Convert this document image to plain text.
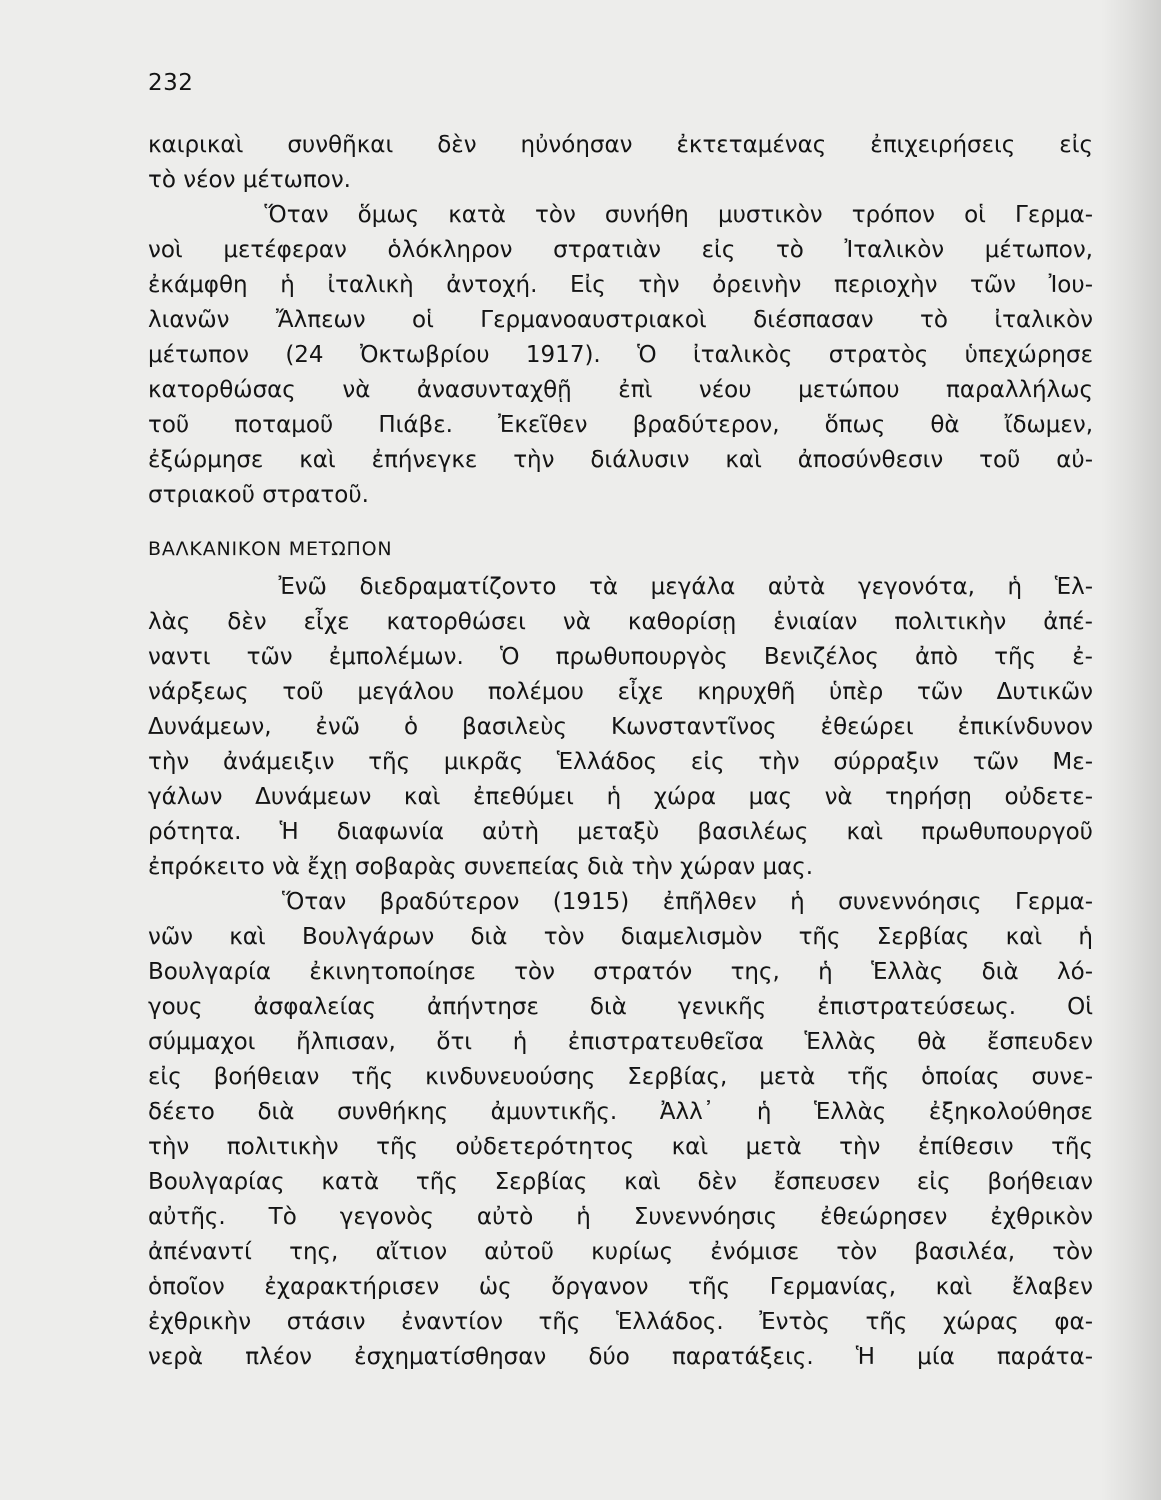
232
καιρικαὶ συνθῆκαι δὲν ηὐνόησαν ἐκτεταμένας ἐπιχειρήσεις εἰς
τὸ νέον μέτωπον.
Ὅταν ὅμως κατὰ τὸν συνήθη μυστικὸν τρόπον οἱ Γερμα-
νοὶ μετέφεραν ὁλόκληρον στρατιὰν εἰς τὸ Ἰταλικὸν μέτωπον,
ἐκάμφθη ἡ ἰταλικὴ ἀντοχή. Εἰς τὴν ὀρεινὴν περιοχὴν τῶν Ἰου-
λιανῶν Ἄλπεων οἱ Γερμανοαυστριακοὶ διέσπασαν τὸ ἰταλικὸν
μέτωπον (24 Ὀκτωβρίου 1917). Ὁ ἰταλικὸς στρατὸς ὑπεχώρησε
κατορθώσας νὰ ἀνασυνταχθῇ ἐπὶ νέου μετώπου παραλλήλως
τοῦ ποταμοῦ Πιάβε. Ἐκεῖθεν βραδύτερον, ὅπως θὰ ἴδωμεν,
ἐξώρμησε καὶ ἐπήνεγκε τὴν διάλυσιν καὶ ἀποσύνθεσιν τοῦ αὐ-
στριακοῦ στρατοῦ.
ΒΑΛΚΑΝΙΚΟΝ ΜΕΤΩΠΟΝ
Ἐνῶ διεδραματίζοντο τὰ μεγάλα αὐτὰ γεγονότα, ἡ Ἑλ-
λὰς δὲν εἶχε κατορθώσει νὰ καθορίσῃ ἑνιαίαν πολιτικὴν ἀπέ-
ναντι τῶν ἐμπολέμων. Ὁ πρωθυπουργὸς Βενιζέλος ἀπὸ τῆς ἐ-
νάρξεως τοῦ μεγάλου πολέμου εἶχε κηρυχθῆ ὑπὲρ τῶν Δυτικῶν
Δυνάμεων, ἐνῶ ὁ βασιλεὺς Κωνσταντῖνος ἐθεώρει ἐπικίνδυνον
τὴν ἀνάμειξιν τῆς μικρᾶς Ἑλλάδος εἰς τὴν σύρραξιν τῶν Με-
γάλων Δυνάμεων καὶ ἐπεθύμει ἡ χώρα μας νὰ τηρήσῃ οὐδετε-
ρότητα. Ἡ διαφωνία αὐτὴ μεταξὺ βασιλέως καὶ πρωθυπουργοῦ
ἐπρόκειτο νὰ ἔχῃ σοβαρὰς συνεπείας διὰ τὴν χώραν μας.
Ὅταν βραδύτερον (1915) ἐπῆλθεν ἡ συνεννόησις Γερμα-
νῶν καὶ Βουλγάρων διὰ τὸν διαμελισμὸν τῆς Σερβίας καὶ ἡ
Βουλγαρία ἐκινητοποίησε τὸν στρατόν της, ἡ Ἑλλὰς διὰ λό-
γους ἀσφαλείας ἀπήντησε διὰ γενικῆς ἐπιστρατεύσεως. Οἱ
σύμμαχοι ἤλπισαν, ὅτι ἡ ἐπιστρατευθεῖσα Ἑλλὰς θὰ ἔσπευδεν
εἰς βοήθειαν τῆς κινδυνευούσης Σερβίας, μετὰ τῆς ὁποίας συνε-
δέετο διὰ συνθήκης ἀμυντικῆς. Ἀλλ᾽ ἡ Ἑλλὰς ἐξηκολούθησε
τὴν πολιτικὴν τῆς οὐδετερότητος καὶ μετὰ τὴν ἐπίθεσιν τῆς
Βουλγαρίας κατὰ τῆς Σερβίας καὶ δὲν ἔσπευσεν εἰς βοήθειαν
αὐτῆς. Τὸ γεγονὸς αὐτὸ ἡ Συνεννόησις ἐθεώρησεν ἐχθρικὸν
ἀπέναντί της, αἴτιον αὐτοῦ κυρίως ἐνόμισε τὸν βασιλέα, τὸν
ὁποῖον ἐχαρακτήρισεν ὡς ὄργανον τῆς Γερμανίας, καὶ ἔλαβεν
ἐχθρικὴν στάσιν ἐναντίον τῆς Ἑλλάδος. Ἐντὸς τῆς χώρας φα-
νερὰ πλέον ἐσχηματίσθησαν δύο παρατάξεις. Ἡ μία παράτα-
